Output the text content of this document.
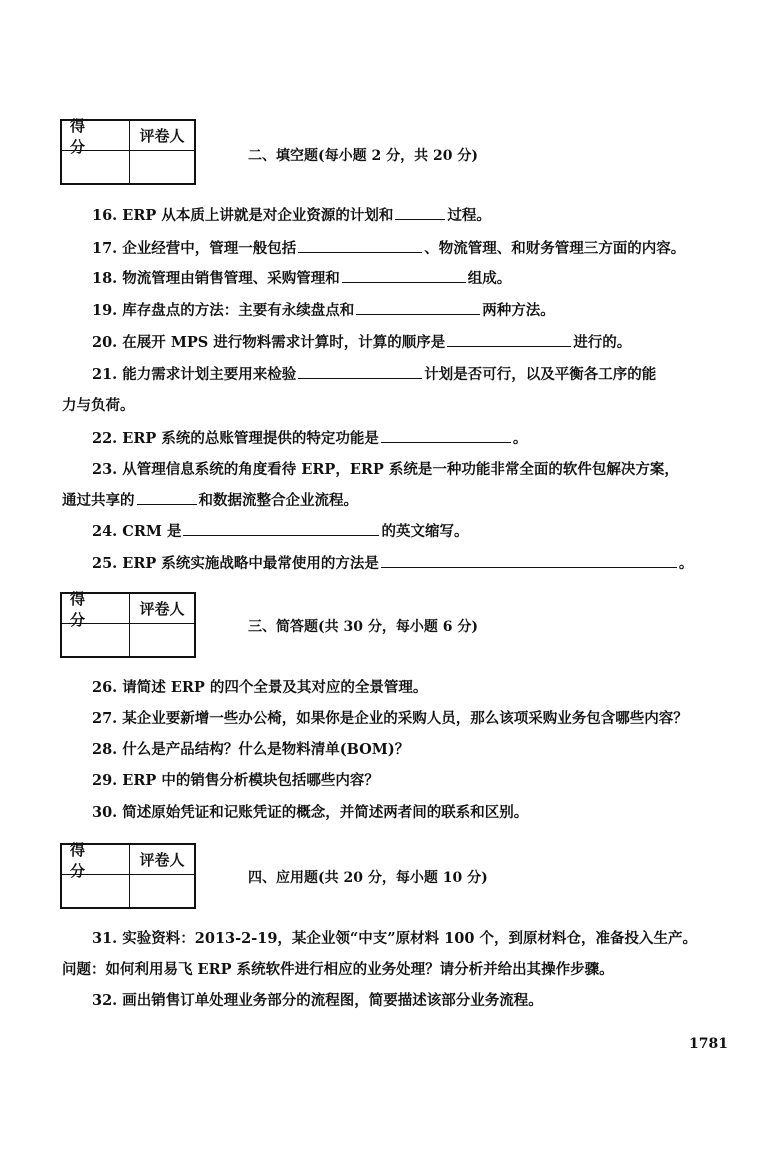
得 分
评卷人
二、填空题(每小题 2 分，共 20 分)
16. ERP 从本质上讲就是对企业资源的计划和	过程。
17. 企业经营中，管理一般包括	、物流管理、和财务管理三方面的内容。
18. 物流管理由销售管理、采购管理和	组成。
19. 库存盘点的方法：主要有永续盘点和	两种方法。
20. 在展开 MPS 进行物料需求计算时，计算的顺序是	进行的。
21. 能力需求计划主要用来检验	计划是否可行，以及平衡各工序的能
力与负荷。
22. ERP 系统的总账管理提供的特定功能是	。
23. 从管理信息系统的角度看待 ERP，ERP 系统是一种功能非常全面的软件包解决方案，
通过共享的	和数据流整合企业流程。
24. CRM 是	的英文缩写。
25. ERP 系统实施战略中最常使用的方法是	。
得 分
评卷人
三、简答题(共 30 分，每小题 6 分)
26. 请简述 ERP 的四个全景及其对应的全景管理。
27. 某企业要新增一些办公椅，如果你是企业的采购人员，那么该项采购业务包含哪些内容？
28. 什么是产品结构？什么是物料清单(BOM)？
29. ERP 中的销售分析模块包括哪些内容？
30. 简述原始凭证和记账凭证的概念，并简述两者间的联系和区别。
得 分
评卷人
四、应用题(共 20 分，每小题 10 分)
31. 实验资料：2013-2-19，某企业领“中支”原材料 100 个，到原材料仓，准备投入生产。
问题：如何利用易飞 ERP 系统软件进行相应的业务处理？请分析并给出其操作步骤。
32. 画出销售订单处理业务部分的流程图，简要描述该部分业务流程。
1781
